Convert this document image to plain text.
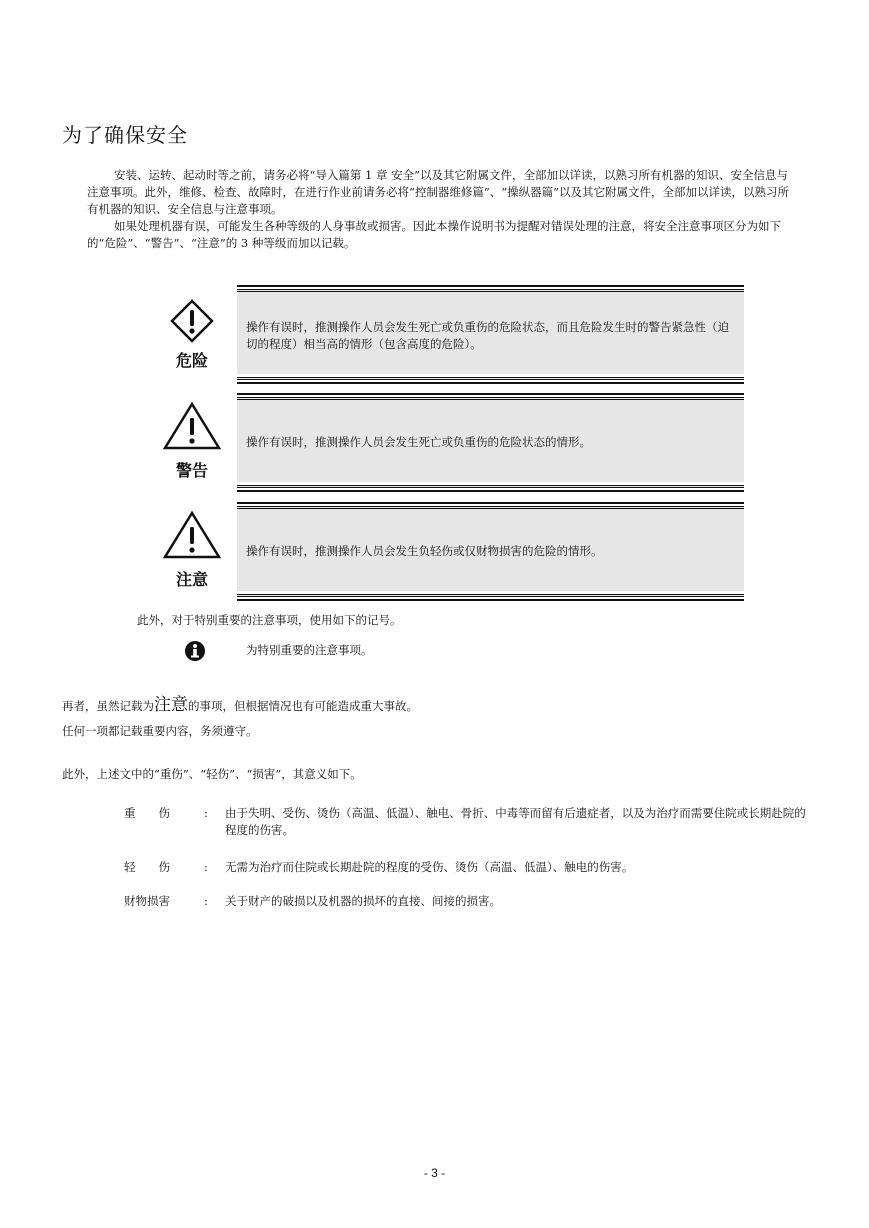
为了确保安全

安装、运转、起动时等之前，请务必将“导入篇第 1 章 安全”以及其它附属文件，全部加以详读，以熟习所有机器的知识、安全信息与注意事项。此外，维修、检查、故障时，在进行作业前请务必将“控制器维修篇”、“操纵器篇”以及其它附属文件，全部加以详读，以熟习所有机器的知识、安全信息与注意事项。

如果处理机器有误，可能发生各种等级的人身事故或损害。因此本操作说明书为提醒对错误处理的注意，将安全注意事项区分为如下的“危险”、“警告”、“注意”的 3 种等级而加以记载。

危险
操作有误时，推测操作人员会发生死亡或负重伤的危险状态，而且危险发生时的警告紧急性（迫切的程度）相当高的情形（包含高度的危险）。
警告
操作有误时，推测操作人员会发生死亡或负重伤的危险状态的情形。
注意
操作有误时，推测操作人员会发生负轻伤或仅财物损害的危险的情形。
此外，对于特别重要的注意事项，使用如下的记号。
为特别重要的注意事项。
再者，虽然记载为注意的事项，但根据情况也有可能造成重大事故。
任何一项都记载重要内容，务须遵守。
此外，上述文中的“重伤”、“轻伤”、“损害”，其意义如下。
重　　伤	: 由于失明、受伤、烫伤（高温、低温）、触电、骨折、中毒等而留有后遗症者，以及为治疗而需要住院或长期赴院的程度的伤害。
轻　　伤	: 无需为治疗而住院或长期赴院的程度的受伤、烫伤（高温、低温）、触电的伤害。
财物损害	: 关于财产的破损以及机器的损坏的直接、间接的损害。
- 3 -
